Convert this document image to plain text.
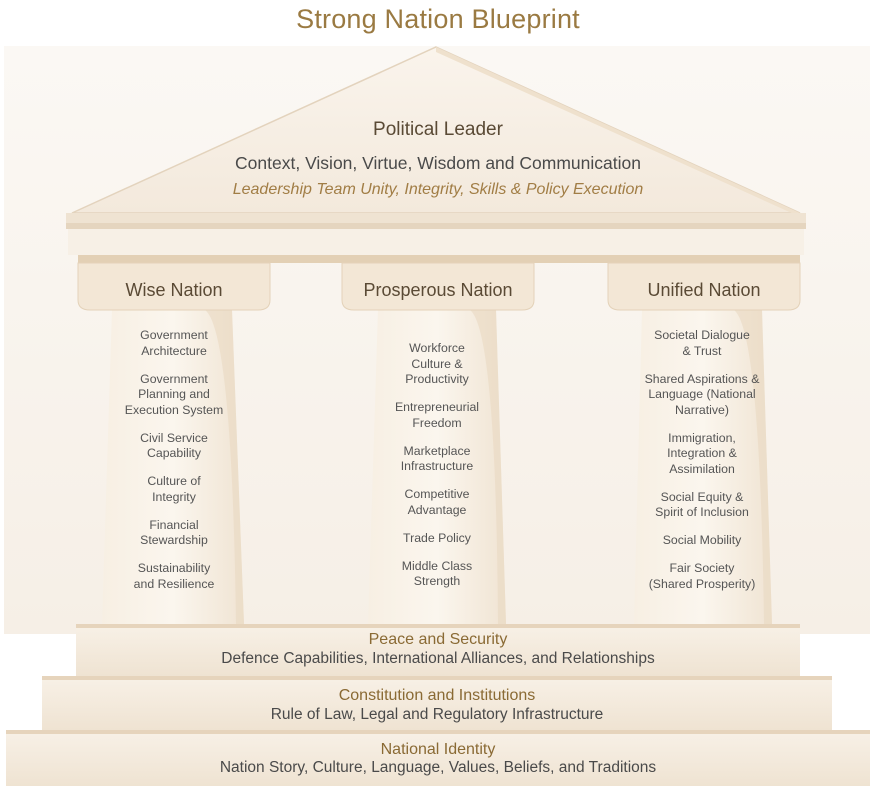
Strong Nation Blueprint
Political Leader
Context, Vision, Virtue, Wisdom and Communication
Leadership Team Unity, Integrity, Skills & Policy Execution
Wise Nation	Prosperous Nation	Unified Nation
Government Architecture
Government Planning and Execution System
Civil Service Capability
Culture of Integrity
Financial Stewardship
Sustainability and Resilience
Workforce Culture & Productivity
Entrepreneurial Freedom
Marketplace Infrastructure
Competitive Advantage
Trade Policy
Middle Class Strength
Societal Dialogue & Trust
Shared Aspirations & Language (National Narrative)
Immigration, Integration & Assimilation
Social Equity & Spirit of Inclusion
Social Mobility
Fair Society (Shared Prosperity)
Peace and Security
Defence Capabilities, International Alliances, and Relationships
Constitution and Institutions
Rule of Law, Legal and Regulatory Infrastructure
National Identity
Nation Story, Culture, Language, Values, Beliefs, and Traditions
